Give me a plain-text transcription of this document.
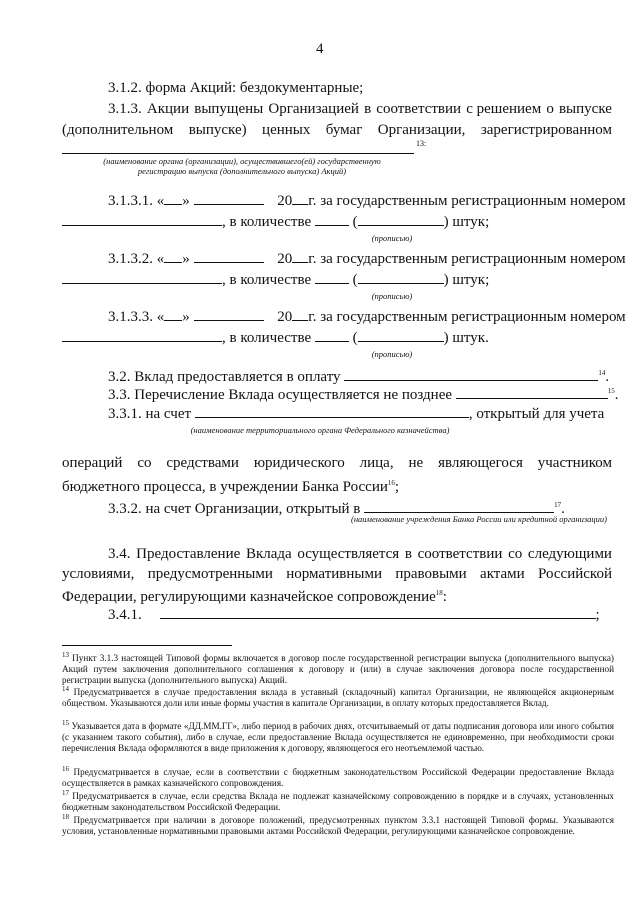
4
3.1.2. форма Акций: бездокументарные;
3.1.3. Акции выпущены Организацией в соответствии с решением о выпуске
(дополнительном выпуске) ценных бумаг Организации, зарегистрированном
13:
(наименование органа (организации), осуществившего(ей) государственную регистрацию выпуска (дополнительного выпуска) Акций)
3.1.3.1. « »	20 г. за государственным регистрационным номером
, в количестве	(	) штук;
(прописью)
3.1.3.2. « »	20 г. за государственным регистрационным номером
, в количестве	(	) штук;
(прописью)
3.1.3.3. « »	20 г. за государственным регистрационным номером
, в количестве	(	) штук.
(прописью)
3.2. Вклад предоставляется в оплату	$^{14}$.
3.3. Перечисление Вклада осуществляется не позднее	$^{15}$.
3.3.1. на счет	, открытый для учета
(наименование территориального органа Федерального казначейства)
операций со средствами юридического лица, не являющегося участником
бюджетного процесса, в учреждении Банка России$^{16}$;
3.3.2. на счет Организации, открытый в	$^{17}$.
(наименование учреждения Банка России или кредитной организации)
3.4. Предоставление Вклада осуществляется в соответствии со следующими
условиями, предусмотренными нормативными правовыми актами Российской
Федерации, регулирующими казначейское сопровождение$^{18}$:
3.4.1.	;
$^{13}$ Пункт 3.1.3 настоящей Типовой формы включается в договор после государственной регистрации выпуска (дополнительного выпуска) Акций путем заключения дополнительного соглашения к договору и (или) в случае заключения договора после государственной регистрации выпуска (дополнительного выпуска) Акций.
$^{14}$ Предусматривается в случае предоставления вклада в уставный (складочный) капитал Организации, не являющейся акционерным обществом. Указываются доли или иные формы участия в капитале Организации, в оплату которых предоставляется Вклад.
$^{15}$ Указывается дата в формате «ДД.ММ.ГГ», либо период в рабочих днях, отсчитываемый от даты подписания договора или иного события (с указанием такого события), либо в случае, если предоставление Вклада осуществляется не единовременно, при необходимости сроки перечисления Вклада оформляются в виде приложения к договору, являющегося его неотъемлемой частью.
$^{16}$ Предусматривается в случае, если в соответствии с бюджетным законодательством Российской Федерации предоставление Вклада осуществляется в рамках казначейского сопровождения.
$^{17}$ Предусматривается в случае, если средства Вклада не подлежат казначейскому сопровождению в порядке и в случаях, установленных бюджетным законодательством Российской Федерации.
$^{18}$ Предусматривается при наличии в договоре положений, предусмотренных пунктом 3.3.1 настоящей Типовой формы. Указываются условия, установленные нормативными правовыми актами Российской Федерации, регулирующими казначейское сопровождение.
